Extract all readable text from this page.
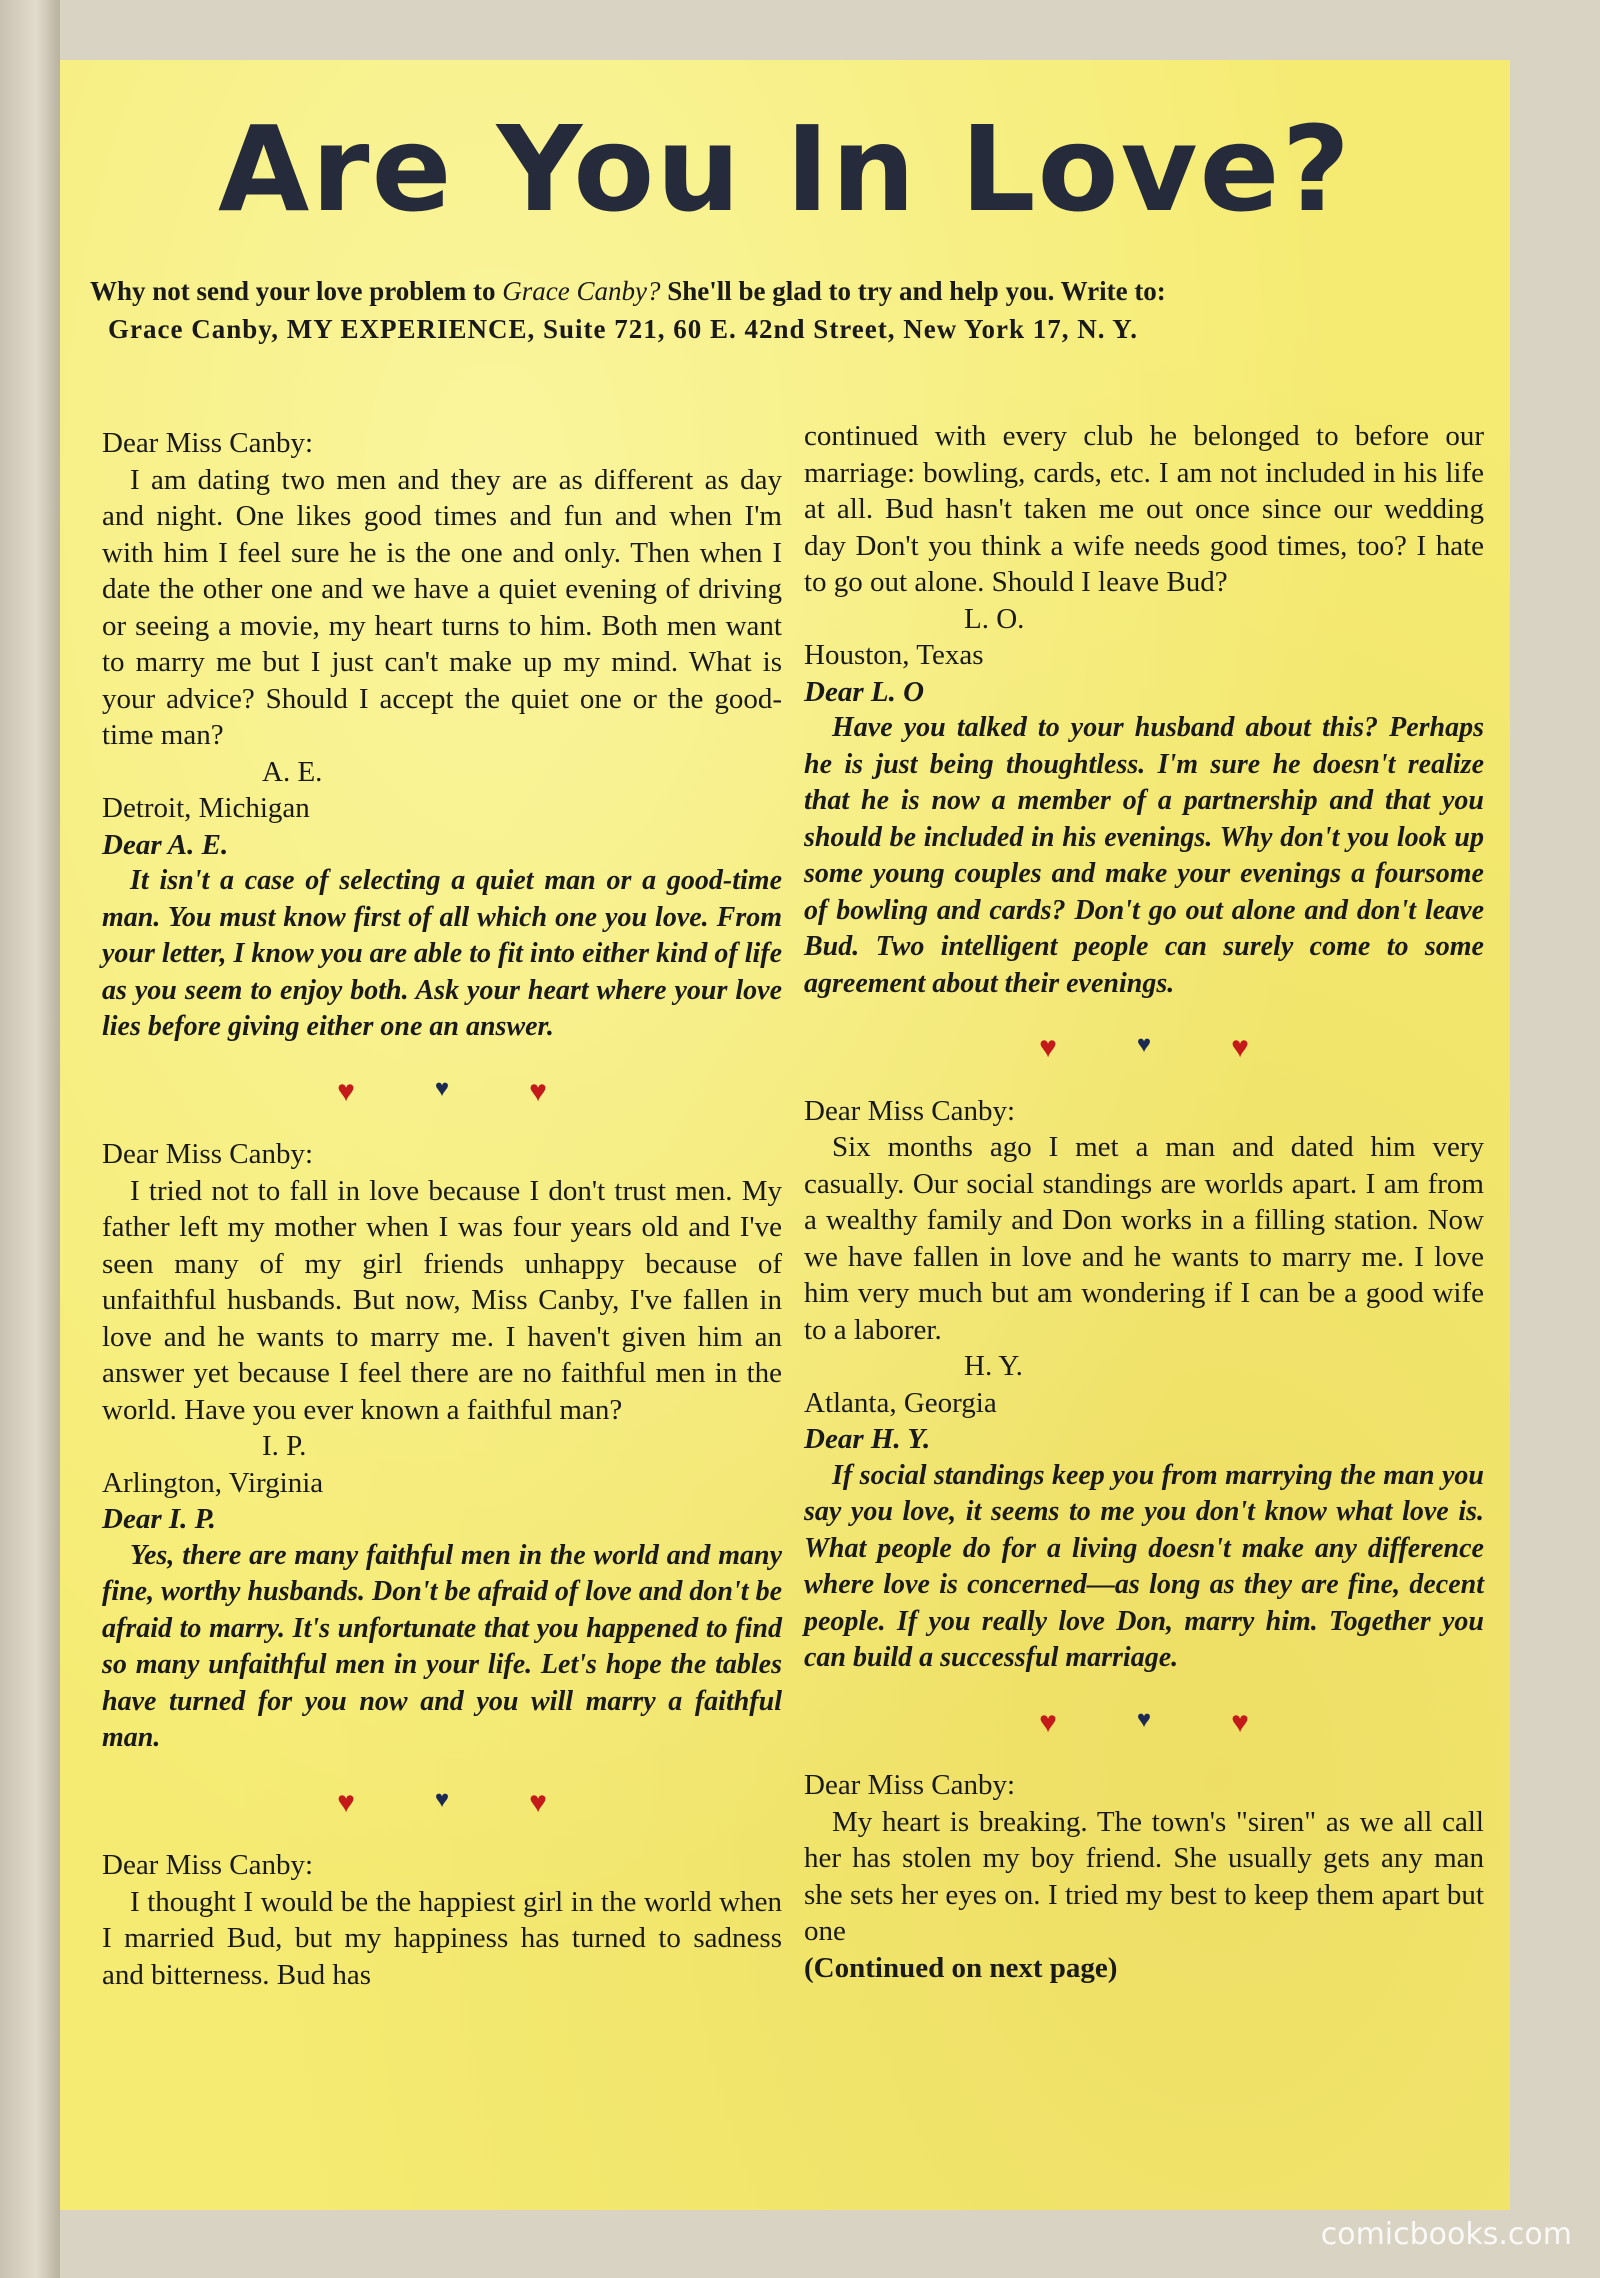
Are You In Love?
Why not send your love problem to Grace Canby? She'll be glad to try and help you. Write to:
Grace Canby, MY EXPERIENCE, Suite 721, 60 E. 42nd Street, New York 17, N. Y.

Dear Miss Canby:

I am dating two men and they are as different as day and night. One likes good times and fun and when I'm with him I feel sure he is the one and only. Then when I date the other one and we have a quiet evening of driving or seeing a movie, my heart turns to him. Both men want to marry me but I just can't make up my mind. What is your advice? Should I accept the quiet one or the good-time man?

A. E.

Detroit, Michigan

Dear A. E.

It isn't a case of selecting a quiet man or a good-time man. You must know first of all which one you love. From your letter, I know you are able to fit into either kind of life as you seem to enjoy both. Ask your heart where your love lies before giving either one an answer.

♥	♥	♥

Dear Miss Canby:

I tried not to fall in love because I don't trust men. My father left my mother when I was four years old and I've seen many of my girl friends unhappy because of unfaithful husbands. But now, Miss Canby, I've fallen in love and he wants to marry me. I haven't given him an answer yet because I feel there are no faithful men in the world. Have you ever known a faithful man?

I. P.

Arlington, Virginia

Dear I. P.

Yes, there are many faithful men in the world and many fine, worthy husbands. Don't be afraid of love and don't be afraid to marry. It's unfortunate that you happened to find so many unfaithful men in your life. Let's hope the tables have turned for you now and you will marry a faithful man.

♥	♥	♥

Dear Miss Canby:

I thought I would be the happiest girl in the world when I married Bud, but my happiness has turned to sadness and bitterness. Bud has

continued with every club he belonged to before our marriage: bowling, cards, etc. I am not included in his life at all. Bud hasn't taken me out once since our wedding day Don't you think a wife needs good times, too? I hate to go out alone. Should I leave Bud?

L. O.

Houston, Texas

Dear L. O

Have you talked to your husband about this? Perhaps he is just being thoughtless. I'm sure he doesn't realize that he is now a member of a partnership and that you should be included in his evenings. Why don't you look up some young couples and make your evenings a foursome of bowling and cards? Don't go out alone and don't leave Bud. Two intelligent people can surely come to some agreement about their evenings.

♥	♥	♥

Dear Miss Canby:

Six months ago I met a man and dated him very casually. Our social standings are worlds apart. I am from a wealthy family and Don works in a filling station. Now we have fallen in love and he wants to marry me. I love him very much but am wondering if I can be a good wife to a laborer.

H. Y.

Atlanta, Georgia

Dear H. Y.

If social standings keep you from marrying the man you say you love, it seems to me you don't know what love is. What people do for a living doesn't make any difference where love is concerned—as long as they are fine, decent people. If you really love Don, marry him. Together you can build a successful marriage.

♥	♥	♥

Dear Miss Canby:

My heart is breaking. The town's "siren" as we all call her has stolen my boy friend. She usually gets any man she sets her eyes on. I tried my best to keep them apart but one

(Continued on next page)

comicbooks.com
